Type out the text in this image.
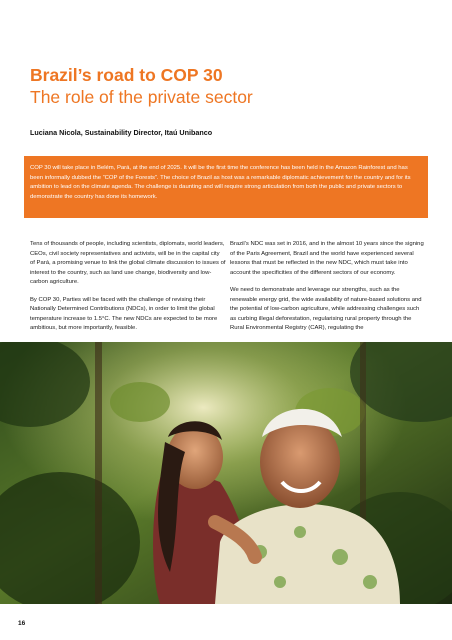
Brazil’s road to COP 30
The role of the private sector
Luciana Nicola, Sustainability Director, Itaú Unibanco
COP 30 will take place in Belém, Pará, at the end of 2025. It will be the first time the conference has been held in the Amazon Rainforest and has been informally dubbed the “COP of the Forests”. The choice of Brazil as host was a remarkable diplomatic achievement for the country and for its ambition to lead on the climate agenda. The challenge is daunting and will require strong articulation from both the public and private sectors to demonstrate the country has done its homework.

Tens of thousands of people, including scientists, diplomats, world leaders, CEOs, civil society representatives and activists, will be in the capital city of Pará, a promising venue to link the global climate discussion to issues of interest to the country, such as land use change, biodiversity and low-carbon agriculture.

By COP 30, Parties will be faced with the challenge of revising their Nationally Determined Contributions (NDCs), in order to limit the global temperature increase to 1.5°C. The new NDCs are expected to be more ambitious, but more importantly, feasible.

Brazil’s NDC was set in 2016, and in the almost 10 years since the signing of the Paris Agreement, Brazil and the world have experienced several lessons that must be reflected in the new NDC, which must take into account the specificities of the different sectors of our economy.

We need to demonstrate and leverage our strengths, such as the renewable energy grid, the wide availability of nature-based solutions and the potential of low-carbon agriculture, while addressing challenges such as curbing illegal deforestation, regularising rural property through the Rural Environmental Registry (CAR), regulating the

16
